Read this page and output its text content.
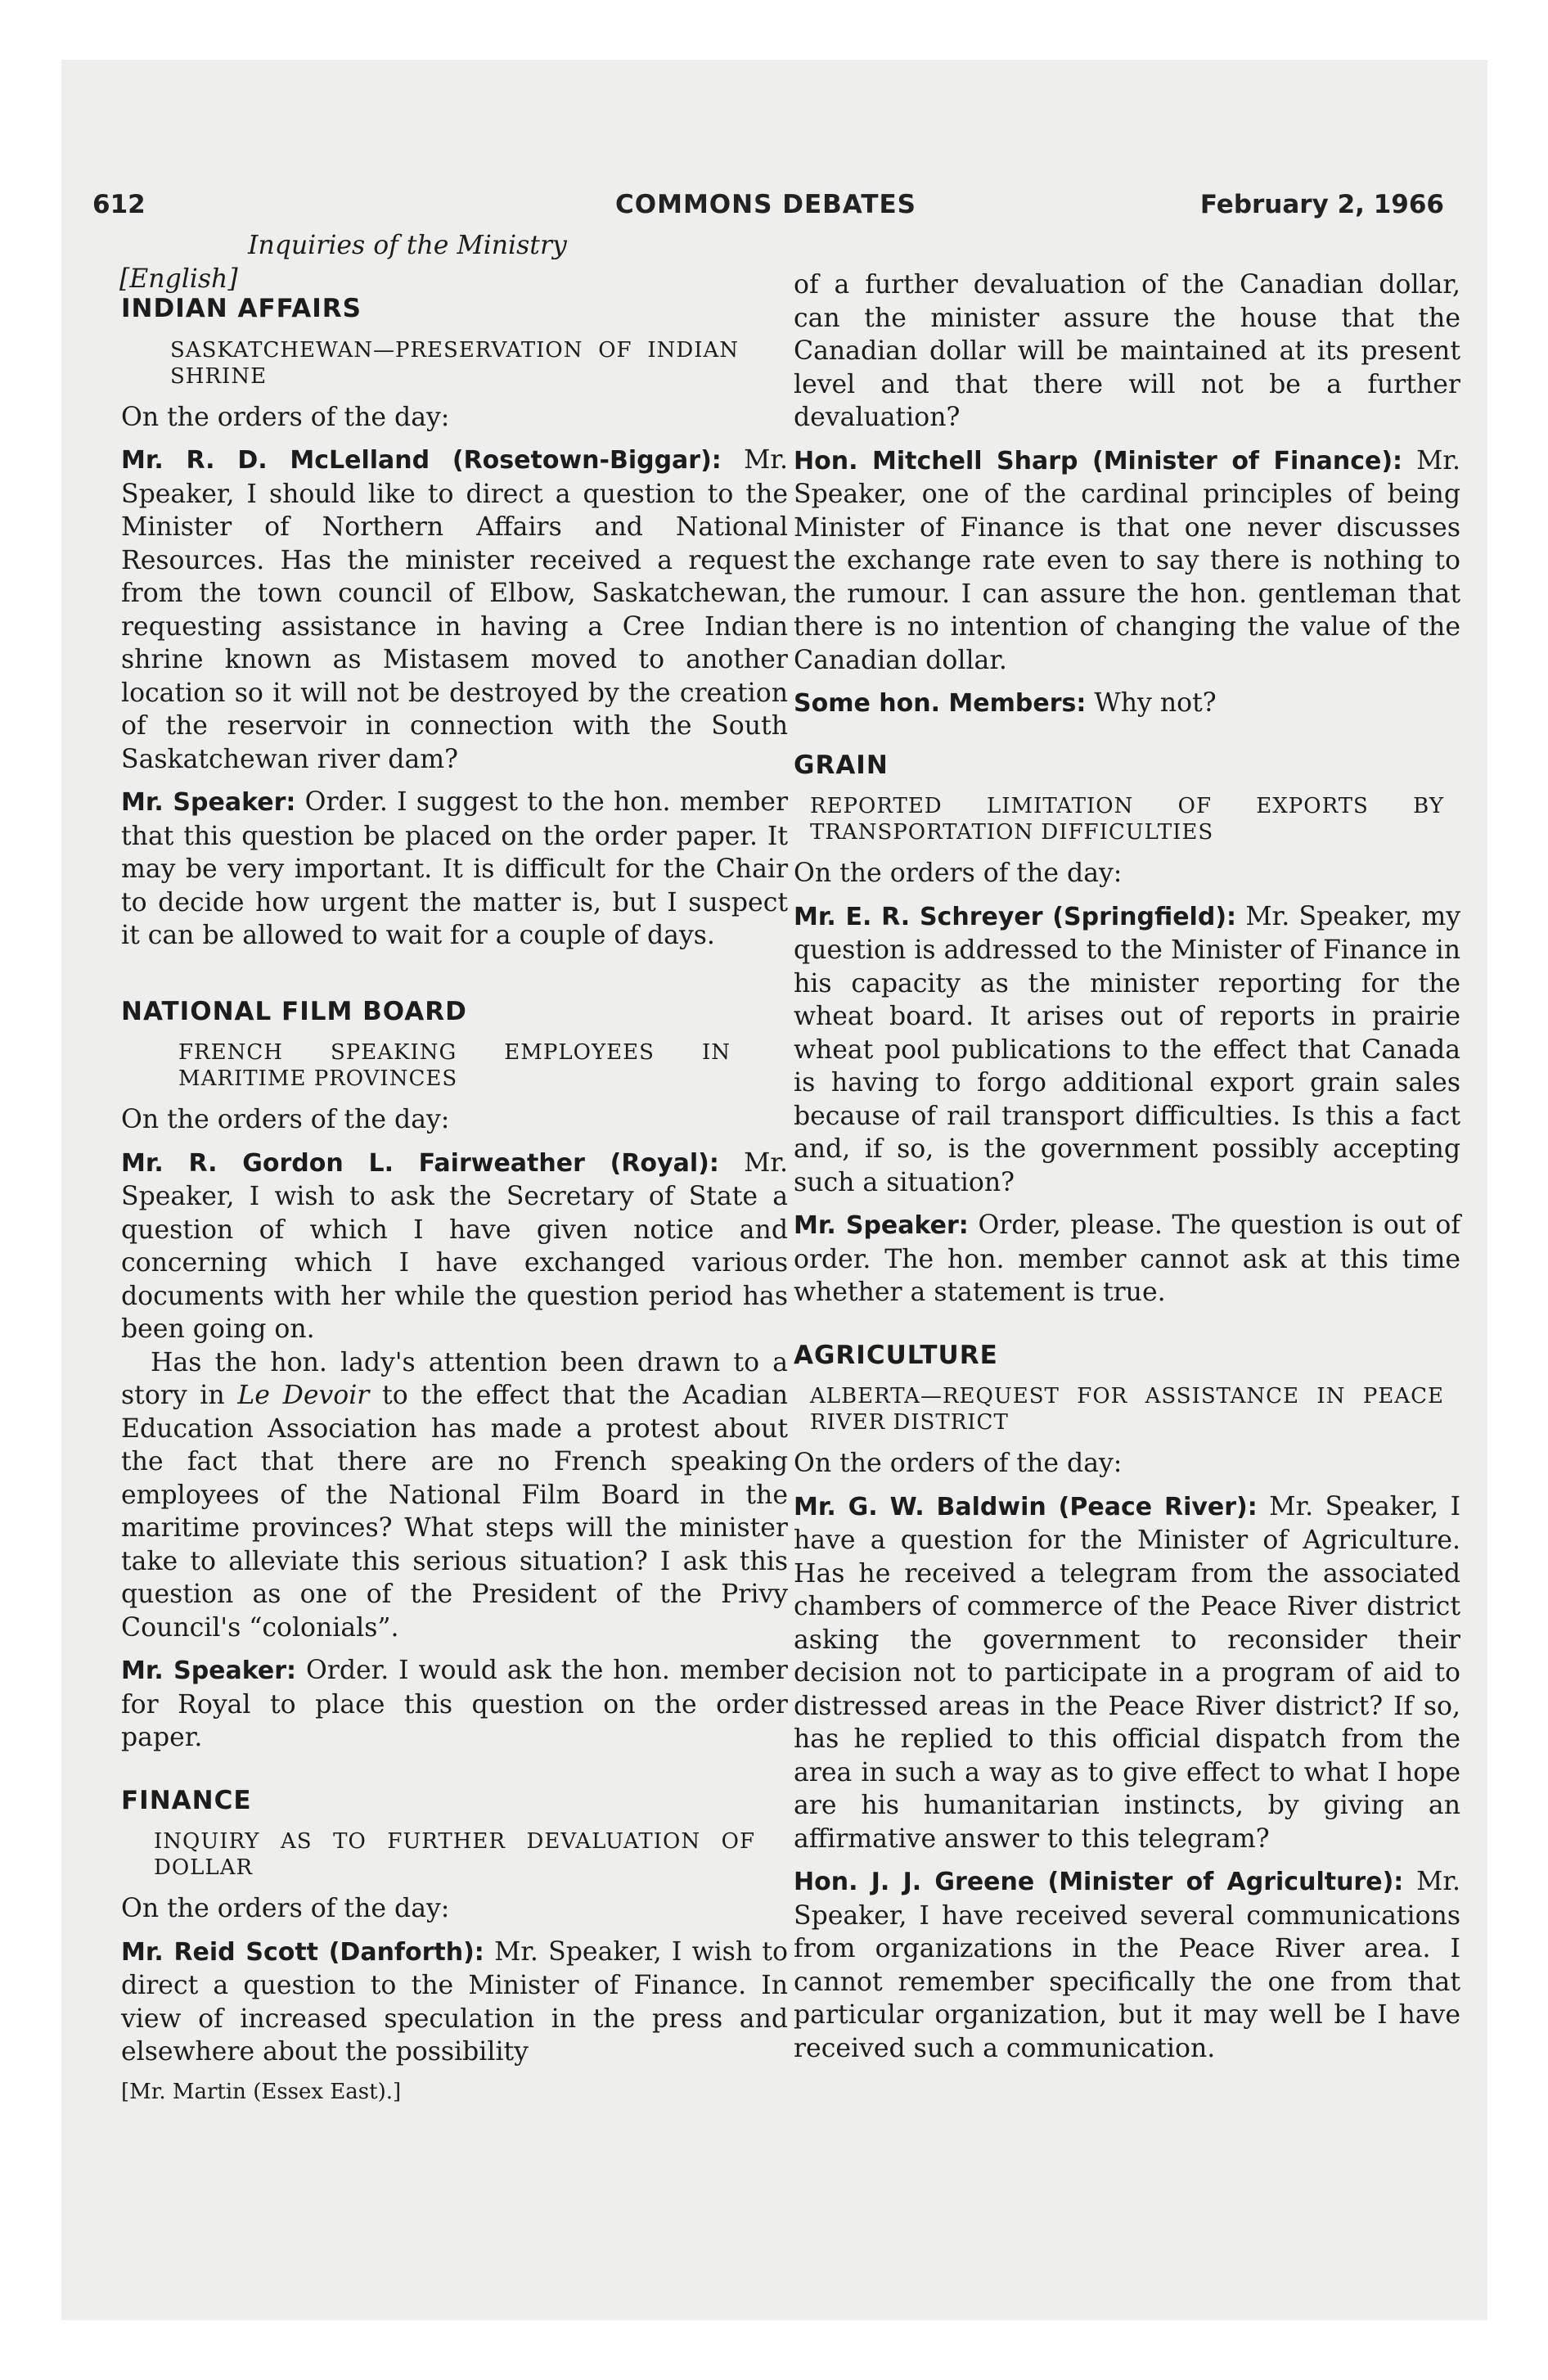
612	COMMONS DEBATES	February 2, 1966

Inquiries of the Ministry

[English]

INDIAN AFFAIRS

SASKATCHEWAN—PRESERVATION OF INDIAN SHRINE

On the orders of the day:

Mr. R. D. McLelland (Rosetown-Biggar): Mr. Speaker, I should like to direct a question to the Minister of Northern Affairs and National Resources. Has the minister received a request from the town council of Elbow, Saskatchewan, requesting assistance in having a Cree Indian shrine known as Mistasem moved to another location so it will not be destroyed by the creation of the reservoir in connection with the South Saskatchewan river dam?

Mr. Speaker: Order. I suggest to the hon. member that this question be placed on the order paper. It may be very important. It is difficult for the Chair to decide how urgent the matter is, but I suspect it can be allowed to wait for a couple of days.

NATIONAL FILM BOARD

FRENCH SPEAKING EMPLOYEES IN MARITIME PROVINCES

On the orders of the day:

Mr. R. Gordon L. Fairweather (Royal): Mr. Speaker, I wish to ask the Secretary of State a question of which I have given notice and concerning which I have exchanged various documents with her while the question period has been going on.

Has the hon. lady's attention been drawn to a story in Le Devoir to the effect that the Acadian Education Association has made a protest about the fact that there are no French speaking employees of the National Film Board in the maritime provinces? What steps will the minister take to alleviate this serious situation? I ask this question as one of the President of the Privy Council's “colonials”.

Mr. Speaker: Order. I would ask the hon. member for Royal to place this question on the order paper.

FINANCE

INQUIRY AS TO FURTHER DEVALUATION OF DOLLAR

On the orders of the day:

Mr. Reid Scott (Danforth): Mr. Speaker, I wish to direct a question to the Minister of Finance. In view of increased speculation in the press and elsewhere about the possibility

[Mr. Martin (Essex East).]

of a further devaluation of the Canadian dollar, can the minister assure the house that the Canadian dollar will be maintained at its present level and that there will not be a further devaluation?

Hon. Mitchell Sharp (Minister of Finance): Mr. Speaker, one of the cardinal principles of being Minister of Finance is that one never discusses the exchange rate even to say there is nothing to the rumour. I can assure the hon. gentleman that there is no intention of changing the value of the Canadian dollar.

Some hon. Members: Why not?

GRAIN

REPORTED LIMITATION OF EXPORTS BY TRANSPORTATION DIFFICULTIES

On the orders of the day:

Mr. E. R. Schreyer (Springfield): Mr. Speaker, my question is addressed to the Minister of Finance in his capacity as the minister reporting for the wheat board. It arises out of reports in prairie wheat pool publications to the effect that Canada is having to forgo additional export grain sales because of rail transport difficulties. Is this a fact and, if so, is the government possibly accepting such a situation?

Mr. Speaker: Order, please. The question is out of order. The hon. member cannot ask at this time whether a statement is true.

AGRICULTURE

ALBERTA—REQUEST FOR ASSISTANCE IN PEACE RIVER DISTRICT

On the orders of the day:

Mr. G. W. Baldwin (Peace River): Mr. Speaker, I have a question for the Minister of Agriculture. Has he received a telegram from the associated chambers of commerce of the Peace River district asking the government to reconsider their decision not to participate in a program of aid to distressed areas in the Peace River district? If so, has he replied to this official dispatch from the area in such a way as to give effect to what I hope are his humanitarian instincts, by giving an affirmative answer to this telegram?

Hon. J. J. Greene (Minister of Agriculture): Mr. Speaker, I have received several communications from organizations in the Peace River area. I cannot remember specifically the one from that particular organization, but it may well be I have received such a communication.
